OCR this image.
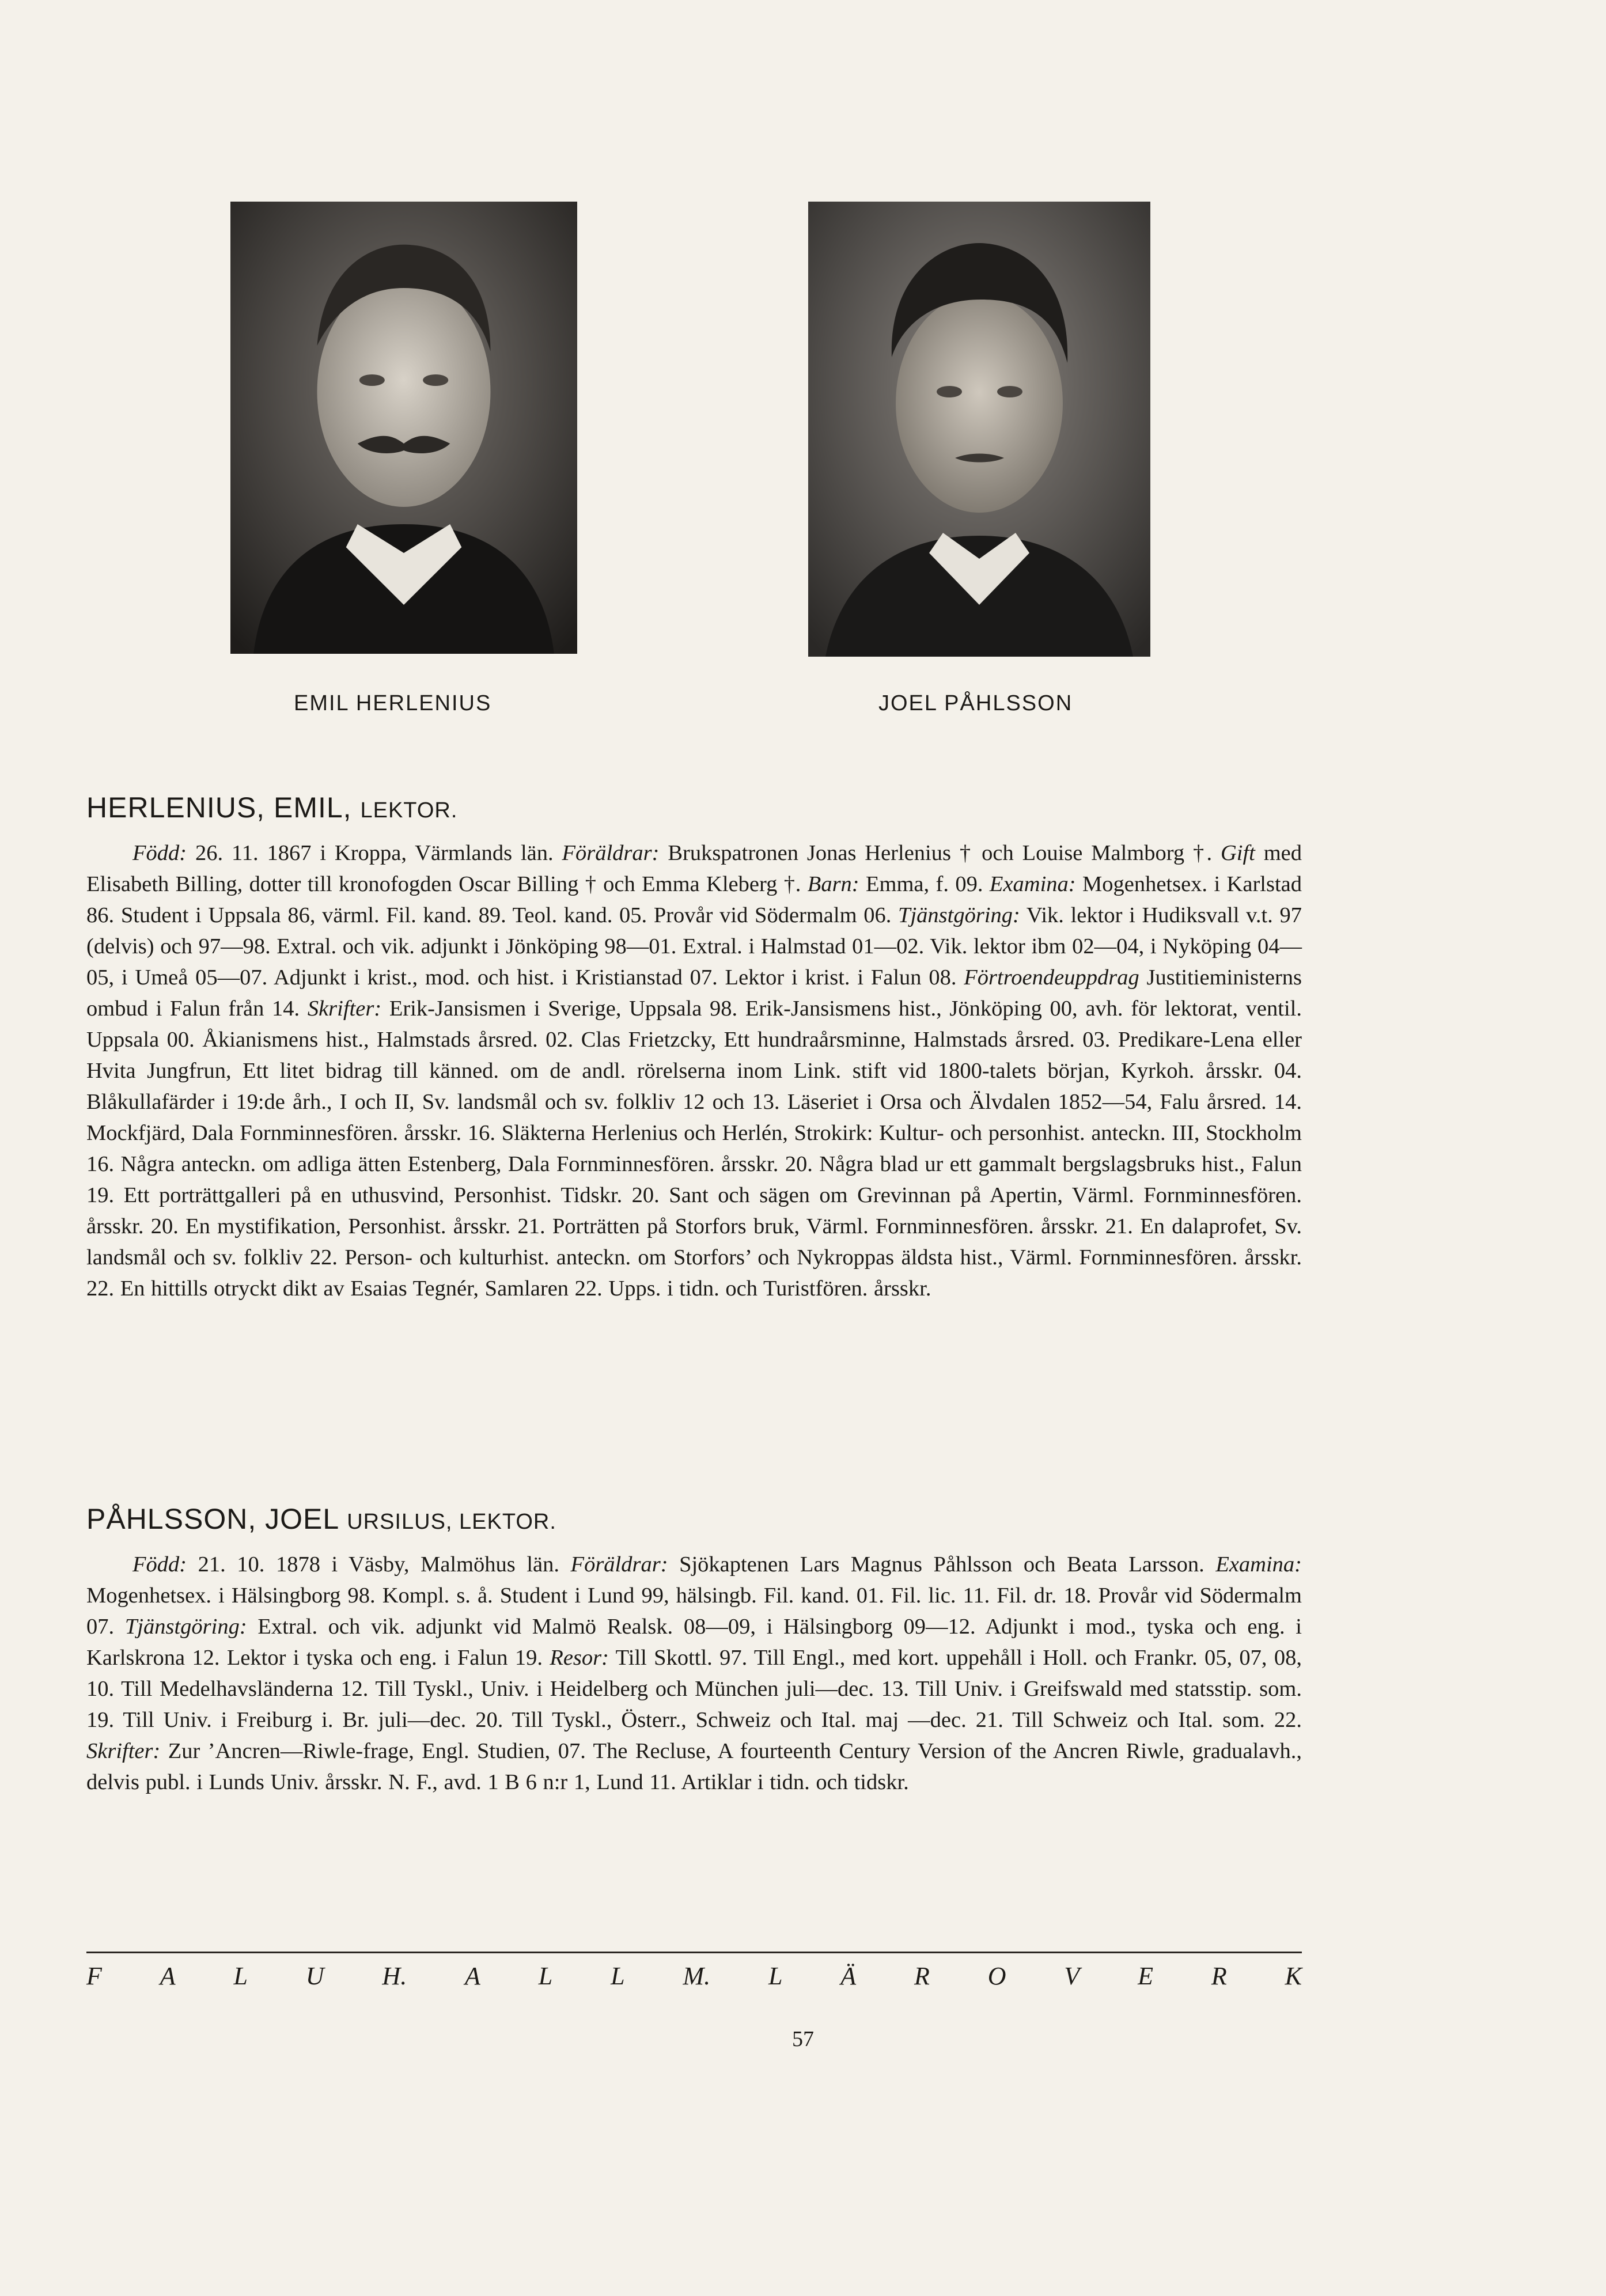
EMIL HERLENIUS	JOEL PÅHLSSON
HERLENIUS, EMIL, LEKTOR.

Född: 26. 11. 1867 i Kroppa, Värmlands län. Föräldrar: Brukspatronen Jonas Herlenius † och Louise Malmborg †. Gift med Elisabeth Billing, dotter till kronofogden Oscar Billing † och Emma Kleberg †. Barn: Emma, f. 09. Examina: Mogenhetsex. i Karlstad 86. Student i Uppsala 86, värml. Fil. kand. 89. Teol. kand. 05. Provår vid Södermalm 06. Tjänstgöring: Vik. lektor i Hudiksvall v.t. 97 (delvis) och 97—98. Extral. och vik. adjunkt i Jönköping 98—01. Extral. i Halmstad 01—02. Vik. lektor ibm 02—04, i Nyköping 04—05, i Umeå 05—07. Adjunkt i krist., mod. och hist. i Kristianstad 07. Lektor i krist. i Falun 08. Förtroendeuppdrag Justitieministerns ombud i Falun från 14. Skrifter: Erik-Jansismen i Sverige, Uppsala 98. Erik-Jansismens hist., Jönköping 00, avh. för lektorat, ventil. Uppsala 00. Åkianismens hist., Halmstads årsred. 02. Clas Frietzcky, Ett hundraårsminne, Halmstads årsred. 03. Predikare-Lena eller Hvita Jungfrun, Ett litet bidrag till känned. om de andl. rörelserna inom Link. stift vid 1800-talets början, Kyrkoh. årsskr. 04. Blåkullafärder i 19:de årh., I och II, Sv. landsmål och sv. folkliv 12 och 13. Läseriet i Orsa och Älvdalen 1852—54, Falu årsred. 14. Mockfjärd, Dala Fornminnesfören. årsskr. 16. Släkterna Herlenius och Herlén, Strokirk: Kultur- och personhist. anteckn. III, Stockholm 16. Några anteckn. om adliga ätten Estenberg, Dala Fornminnesfören. årsskr. 20. Några blad ur ett gammalt bergslagsbruks hist., Falun 19. Ett porträttgalleri på en uthusvind, Personhist. Tidskr. 20. Sant och sägen om Grevinnan på Apertin, Värml. Fornminnesfören. årsskr. 20. En mystifikation, Personhist. årsskr. 21. Porträtten på Storfors bruk, Värml. Fornminnesfören. årsskr. 21. En dalaprofet, Sv. landsmål och sv. folkliv 22. Person- och kulturhist. anteckn. om Storfors’ och Nykroppas äldsta hist., Värml. Fornminnesfören. årsskr. 22. En hittills otryckt dikt av Esaias Tegnér, Samlaren 22. Upps. i tidn. och Turistfören. årsskr.

PÅHLSSON, JOEL URSILUS, LEKTOR.

Född: 21. 10. 1878 i Väsby, Malmöhus län. Föräldrar: Sjökaptenen Lars Magnus Påhlsson och Beata Larsson. Examina: Mogenhetsex. i Hälsingborg 98. Kompl. s. å. Student i Lund 99, hälsingb. Fil. kand. 01. Fil. lic. 11. Fil. dr. 18. Provår vid Södermalm 07. Tjänstgöring: Extral. och vik. adjunkt vid Malmö Realsk. 08—09, i Hälsingborg 09—12. Adjunkt i mod., tyska och eng. i Karlskrona 12. Lektor i tyska och eng. i Falun 19. Resor: Till Skottl. 97. Till Engl., med kort. uppehåll i Holl. och Frankr. 05, 07, 08, 10. Till Medelhavsländerna 12. Till Tyskl., Univ. i Heidelberg och München juli—dec. 13. Till Univ. i Greifswald med statsstip. som. 19. Till Univ. i Freiburg i. Br. juli—dec. 20. Till Tyskl., Österr., Schweiz och Ital. maj —dec. 21. Till Schweiz och Ital. som. 22. Skrifter: Zur ’Ancren—Riwle-frage, Engl. Studien, 07. The Recluse, A fourteenth Century Version of the Ancren Riwle, gradualavh., delvis publ. i Lunds Univ. årsskr. N. F., avd. 1 B 6 n:r 1, Lund 11. Artiklar i tidn. och tidskr.

F A L U H. A L L M. L Ä R O V E R K
57
